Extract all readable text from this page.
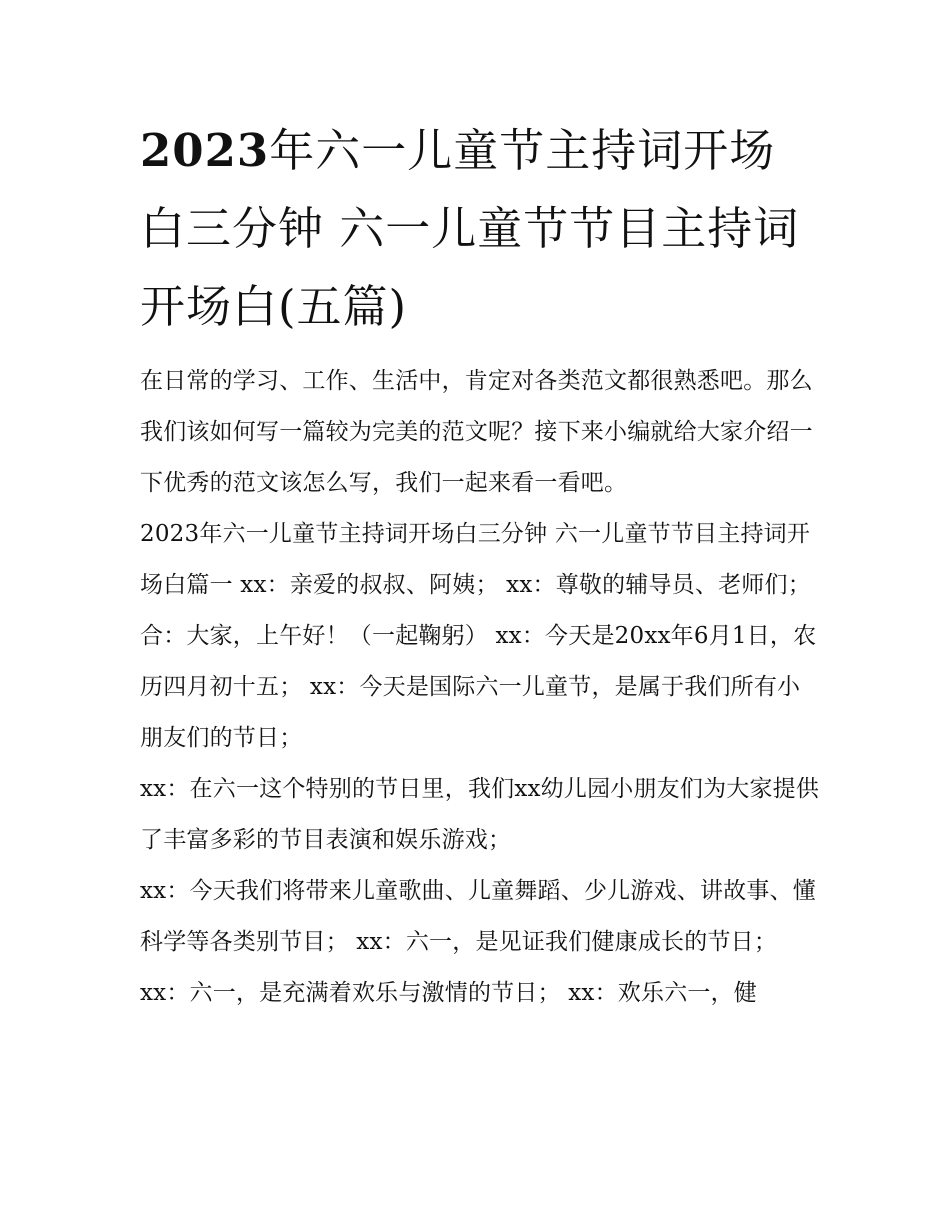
2023年六一儿童节主持词开场白三分钟 六一儿童节节目主持词开场白(五篇)

在日常的学习、工作、生活中，肯定对各类范文都很熟悉吧。那么我们该如何写一篇较为完美的范文呢？接下来小编就给大家介绍一下优秀的范文该怎么写，我们一起来看一看吧。

2023年六一儿童节主持词开场白三分钟 六一儿童节节目主持词开场白篇一 xx：亲爱的叔叔、阿姨； xx：尊敬的辅导员、老师们；

合：大家，上午好！（一起鞠躬） xx：今天是20xx年6月1日，农历四月初十五； xx：今天是国际六一儿童节，是属于我们所有小朋友们的节日；

xx：在六一这个特别的节日里，我们xx幼儿园小朋友们为大家提供了丰富多彩的节目表演和娱乐游戏；

xx：今天我们将带来儿童歌曲、儿童舞蹈、少儿游戏、讲故事、懂科学等各类别节目； xx：六一，是见证我们健康成长的节日；

xx：六一，是充满着欢乐与激情的节日； xx：欢乐六一，健
